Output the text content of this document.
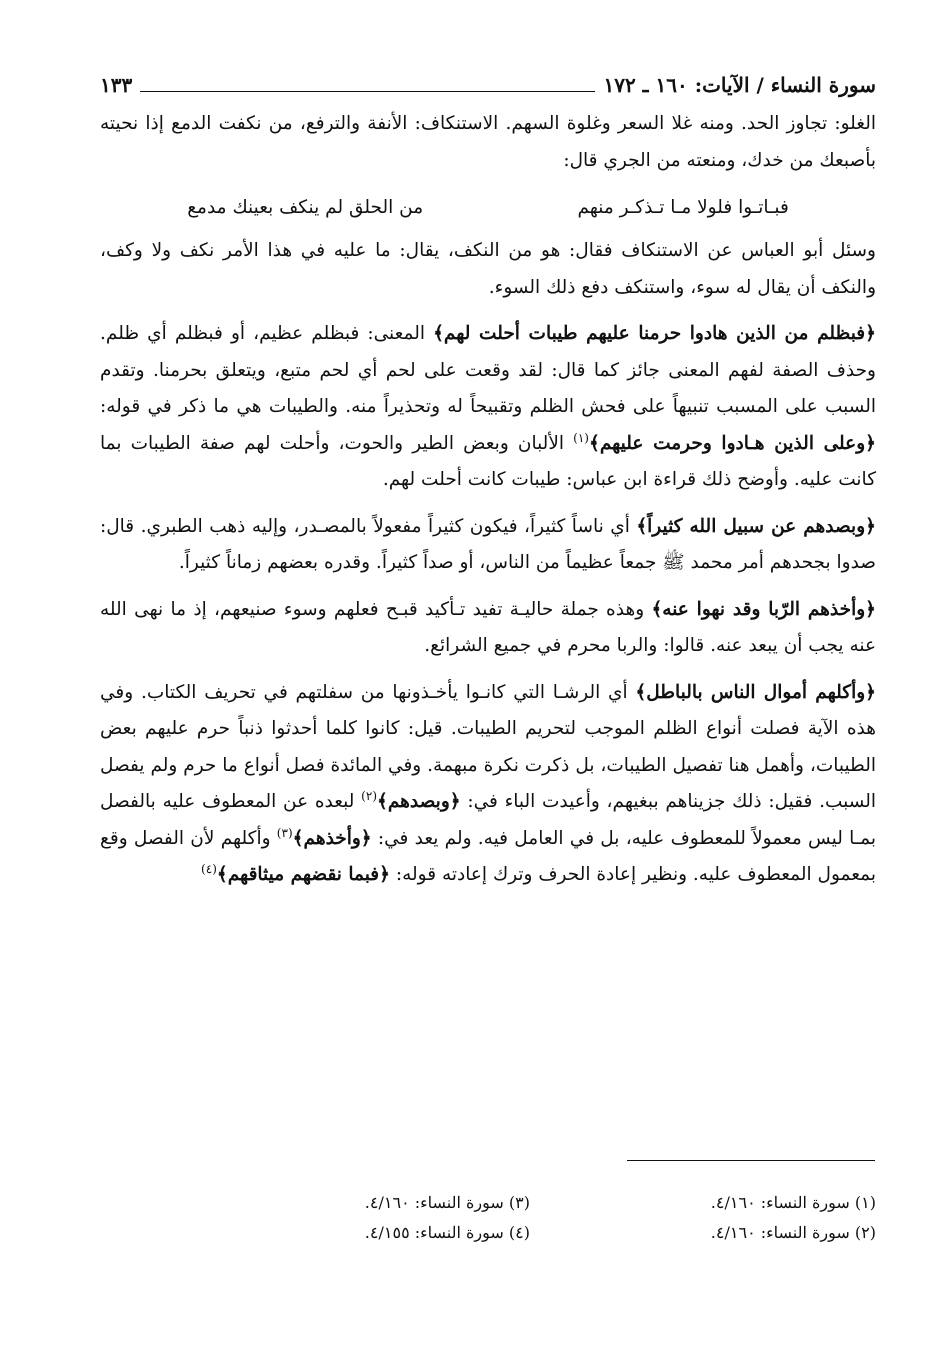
سورة النساء / الآيات: ١٦٠ ـ ١٧٢
١٣٣

الغلو: تجاوز الحد. ومنه غلا السعر وغلوة السهم. الاستنكاف: الأنفة والترفع، من نكفت الدمع إذا نحيته بأصبعك من خدك، ومنعته من الجري قال:

فبـاتـوا فلولا مـا تـذكـر منهم
من الحلق لم ينكف بعينك مدمع

وسئل أبو العباس عن الاستنكاف فقال: هو من النكف، يقال: ما عليه في هذا الأمر نكف ولا وكف، والنكف أن يقال له سوء، واستنكف دفع ذلك السوء.

﴿فبظلم من الذين هادوا حرمنا عليهم طيبات أحلت لهم﴾ المعنى: فبظلم عظيم، أو فبظلم أي ظلم. وحذف الصفة لفهم المعنى جائز كما قال: لقد وقعت على لحم أي لحم متبع، ويتعلق بحرمنا. وتقدم السبب على المسبب تنبيهاً على فحش الظلم وتقبيحاً له وتحذيراً منه. والطيبات هي ما ذكر في قوله: ﴿وعلى الذين هـادوا وحرمت عليهم﴾$^{(١)}$ الألبان وبعض الطير والحوت، وأحلت لهم صفة الطيبات بما كانت عليه. وأوضح ذلك قراءة ابن عباس: طيبات كانت أحلت لهم.

﴿وبصدهم عن سبيل الله كثيراً﴾ أي ناساً كثيراً، فيكون كثيراً مفعولاً بالمصـدر، وإليه ذهب الطبري. قال: صدوا بجحدهم أمر محمد ﷺ جمعاً عظيماً من الناس، أو صداً كثيراً. وقدره بعضهم زماناً كثيراً.

﴿وأخذهم الرّبا وقد نهوا عنه﴾ وهذه جملة حاليـة تفيد تـأكيد قبـح فعلهم وسوء صنيعهم، إذ ما نهى الله عنه يجب أن يبعد عنه. قالوا: والربا محرم في جميع الشرائع.

﴿وأكلهم أموال الناس بالباطل﴾ أي الرشـا التي كانـوا يأخـذونها من سفلتهم في تحريف الكتاب. وفي هذه الآية فصلت أنواع الظلم الموجب لتحريم الطيبات. قيل: كانوا كلما أحدثوا ذنباً حرم عليهم بعض الطيبات، وأهمل هنا تفصيل الطيبات، بل ذكرت نكرة مبهمة. وفي المائدة فصل أنواع ما حرم ولم يفصل السبب. فقيل: ذلك جزيناهم ببغيهم، وأعيدت الباء في: ﴿وبصدهم﴾$^{(٢)}$ لبعده عن المعطوف عليه بالفصل بمـا ليس معمولاً للمعطوف عليه، بل في العامل فيه. ولم يعد في: ﴿وأخذهم﴾$^{(٣)}$ وأكلهم لأن الفصل وقع بمعمول المعطوف عليه. ونظير إعادة الحرف وترك إعادته قوله: ﴿فبما نقضهم ميثاقهم﴾$^{(٤)}$

(١) سورة النساء: ٤/١٦٠.
(٢) سورة النساء: ٤/١٦٠.
(٣) سورة النساء: ٤/١٦٠.
(٤) سورة النساء: ٤/١٥٥.
